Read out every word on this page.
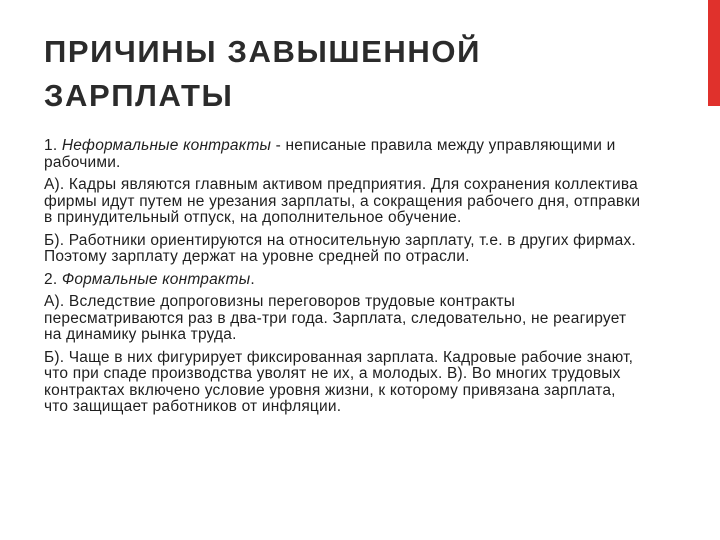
ПРИЧИНЫ ЗАВЫШЕННОЙ
ЗАРПЛАТЫ

1. Неформальные контракты - неписаные правила между управляющими и рабочими.

А). Кадры являются главным активом предприятия. Для сохранения коллектива фирмы идут путем не урезания зарплаты, а сокращения рабочего дня, отправки в принудительный отпуск, на дополнительное обучение.

Б). Работники ориентируются на относительную зарплату, т.е. в других фирмах. Поэтому зарплату держат на уровне средней по отрасли.

2. Формальные контракты.

А). Вследствие допроговизны переговоров трудовые контракты пересматриваются раз в два-три года. Зарплата, следовательно, не реагирует на динамику рынка труда.

Б). Чаще в них фигурирует фиксированная зарплата. Кадровые рабочие знают, что при спаде производства уволят не их, а молодых. В). Во многих трудовых контрактах включено условие уровня жизни, к которому привязана зарплата, что защищает работников от инфляции.
